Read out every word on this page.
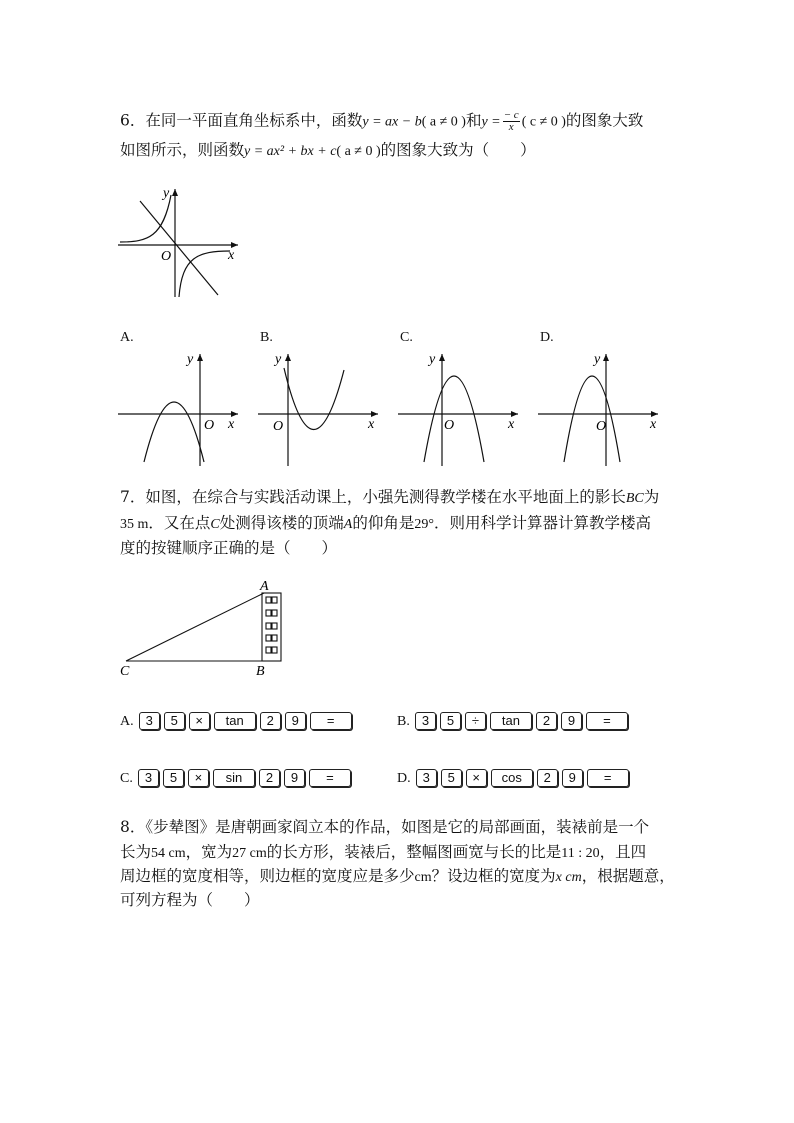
6．在同一平面直角坐标系中，函数y = ax − b( a ≠ 0 )和$y = \frac{- c}{x}$ ( c ≠ 0 )的图象大致
如图所示，则函数y = ax² + bx + c( a ≠ 0 )的图象大致为（　　）
x
y
O
A.	B.	C.	D.
x
y
O	x
y
O	x
y
O	x
y
O
7．如图，在综合与实践活动课上，小强先测得教学楼在水平地面上的影长BC为
35 m．又在点C处测得该楼的顶端A的仰角是29°．则用科学计算器计算教学楼高
度的按键顺序正确的是（　　）
A
B
C
A. 3 5 × tan 2 9 =	B. 3 5 ÷ tan 2 9 =
C. 3 5 × sin 2 9 =	D. 3 5 × cos 2 9 =
8．《步辇图》是唐朝画家阎立本的作品，如图是它的局部画面，装裱前是一个
长为54 cm，宽为27 cm的长方形，装裱后，整幅图画宽与长的比是11 : 20，且四
周边框的宽度相等，则边框的宽度应是多少cm？设边框的宽度为x cm，根据题意，
可列方程为（　　）
